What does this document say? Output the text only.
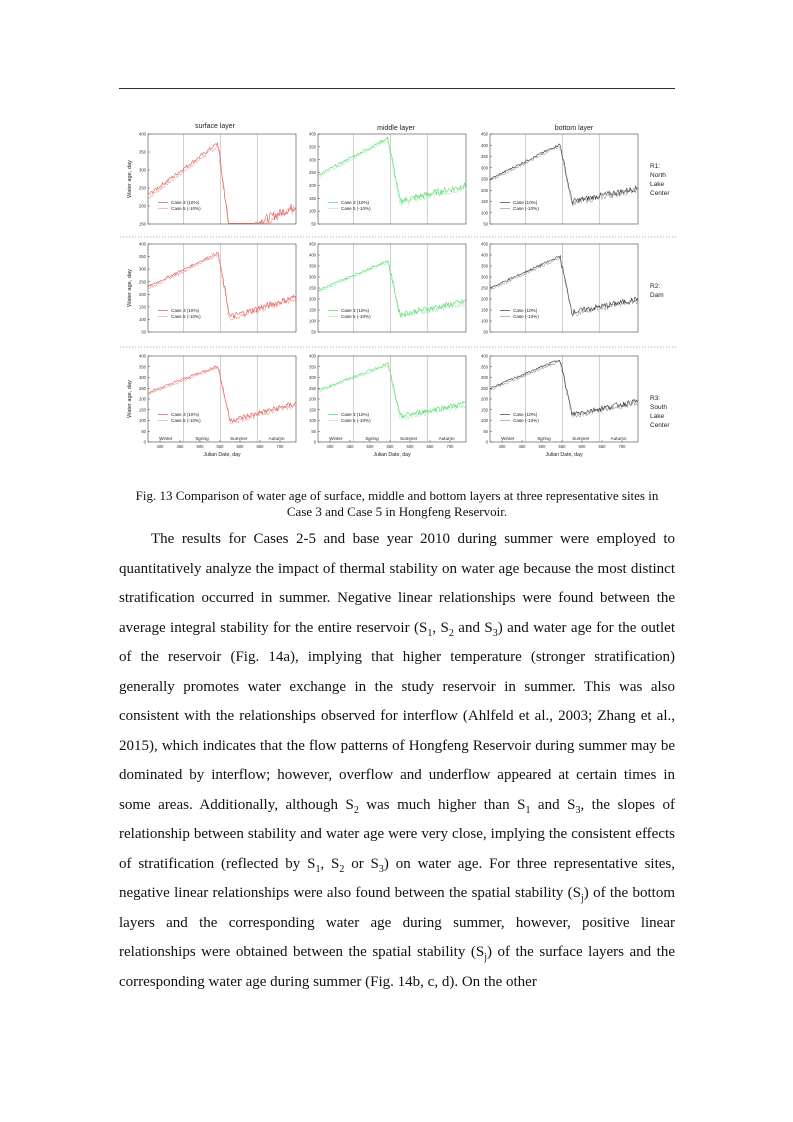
surface layer	middle layer	bottom layer
R1: North Lake Center
R2: Dam
R3: South Lake Center
150
200
250
300
350
400
Water age, day
Case 3 (10%)
Case 5 (-10%)
50
100
150
200
250
300
350
400
Case 3 (10%)
Case 5 (-10%)
50
100
150
200
250
300
350
400
450
Case (10%)
Case (-10%)
50
100
150
200
250
300
350
400
Water age, day
Case 3 (10%)
Case 5 (-10%)
50
100
150
200
250
300
350
400
450
Case 3 (10%)
Case 5 (-10%)
50
100
150
200
250
300
350
400
450
Case (10%)
Case (-10%)
0
50
100
150
200
250
300
350
400
400	450	500	550	600	650	700
Winter	Spring	Summer	Autumn
Julian Date, day
Water age, day	Case 3 (10%)
Case 5 (-10%)
0
50
100
150
200
250
300
350
400
400	450	500	550	600	650	700
Winter	Spring	Summer	Autumn
Julian Date, day
Case 3 (10%)
Case 5 (-10%)
0
50
100
150
200
250
300
350
400
400	450	500	550	600	650	700
Winter	Spring	Summer	Autumn
Julian Date, day
Case (10%)
Case (-10%)
Fig. 13 Comparison of water age of surface, middle and bottom layers at three representative sites in
Case 3 and Case 5 in Hongfeng Reservoir.

The results for Cases 2-5 and base year 2010 during summer were employed to quantitatively analyze the impact of thermal stability on water age because the most distinct stratification occurred in summer. Negative linear relationships were found between the average integral stability for the entire reservoir ($S_1$, $S_2$ and $S_3$) and water age for the outlet of the reservoir (Fig. 14a), implying that higher temperature (stronger stratification) generally promotes water exchange in the study reservoir in summer. This was also consistent with the relationships observed for interflow (Ahlfeld et al., 2003; Zhang et al., 2015), which indicates that the flow patterns of Hongfeng Reservoir during summer may be dominated by interflow; however, overflow and underflow appeared at certain times in some areas. Additionally, although $S_2$ was much higher than $S_1$ and $S_3$, the slopes of relationship between stability and water age were very close, implying the consistent effects of stratification (reflected by $S_1$, $S_2$ or $S_3$) on water age. For three representative sites, negative linear relationships were also found between the spatial stability $(S_j)$ of the bottom layers and the corresponding water age during summer, however, positive linear relationships were obtained between the spatial stability $(S_j)$ of the surface layers and the corresponding water age during summer (Fig. 14b, c, d). On the other
